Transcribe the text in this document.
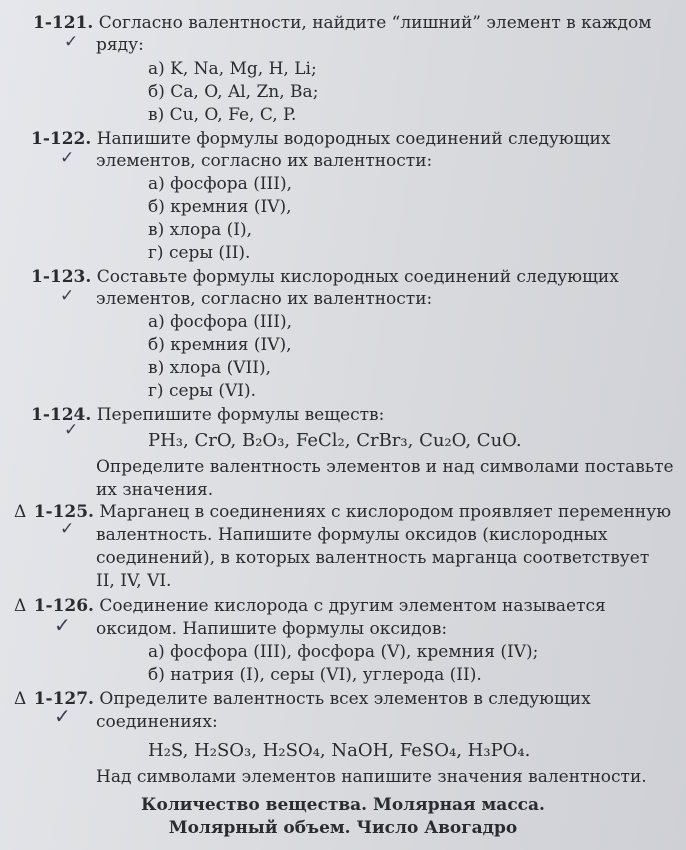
1-121. Согласно валентности, найдите “лишний” элемент в каждом
✓ ряду:
а) K, Na, Mg, H, Li;
б) Ca, O, Al, Zn, Ba;
в) Cu, O, Fe, C, P.
1-122. Напишите формулы водородных соединений следующих
✓ элементов, согласно их валентности:
а) фосфора (III),
б) кремния (IV),
в) хлора (I),
г) серы (II).
1-123. Составьте формулы кислородных соединений следующих
✓ элементов, согласно их валентности:
а) фосфора (III),
б) кремния (IV),
в) хлора (VII),
г) серы (VI).
1-124. Перепишите формулы веществ:
✓	PH₃, CrO, B₂O₃, FeCl₂, CrBr₃, Cu₂O, CuO.
Определите валентность элементов и над символами поставьте
их значения.
Δ 1-125. Марганец в соединениях с кислородом проявляет переменную
✓ валентность. Напишите формулы оксидов (кислородных
соединений), в которых валентность марганца соответствует
II, IV, VI.
Δ 1-126. Соединение кислорода с другим элементом называется
✓ оксидом. Напишите формулы оксидов:
а) фосфора (III), фосфора (V), кремния (IV);
б) натрия (I), серы (VI), углерода (II).
Δ 1-127. Определите валентность всех элементов в следующих
✓ соединениях:
H₂S, H₂SO₃, H₂SO₄, NaOH, FeSO₄, H₃PO₄.
Над символами элементов напишите значения валентности.
Количество вещества. Молярная масса.
Молярный объем. Число Авогадро
